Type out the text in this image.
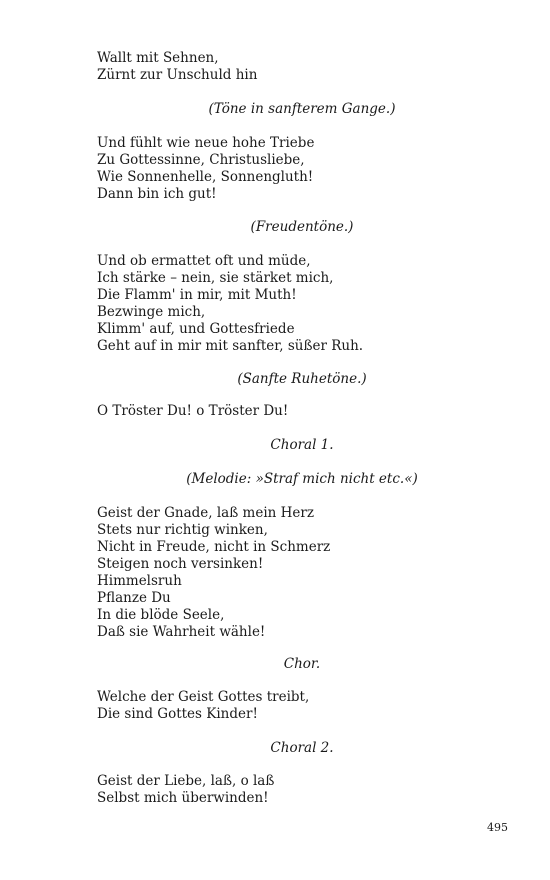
Wallt mit Sehnen,
Zürnt zur Unschuld hin
(Töne in sanfterem Gange.)
Und fühlt wie neue hohe Triebe
Zu Gottessinne, Christusliebe,
Wie Sonnenhelle, Sonnengluth!
Dann bin ich gut!
(Freudentöne.)
Und ob ermattet oft und müde,
Ich stärke – nein, sie stärket mich,
Die Flamm' in mir, mit Muth!
Bezwinge mich,
Klimm' auf, und Gottesfriede
Geht auf in mir mit sanfter, süßer Ruh.
(Sanfte Ruhetöne.)
O Tröster Du! o Tröster Du!
Choral 1.
(Melodie: »Straf mich nicht etc.«)
Geist der Gnade, laß mein Herz
Stets nur richtig winken,
Nicht in Freude, nicht in Schmerz
Steigen noch versinken!
Himmelsruh
Pflanze Du
In die blöde Seele,
Daß sie Wahrheit wähle!
Chor.
Welche der Geist Gottes treibt,
Die sind Gottes Kinder!
Choral 2.
Geist der Liebe, laß, o laß
Selbst mich überwinden!
495
